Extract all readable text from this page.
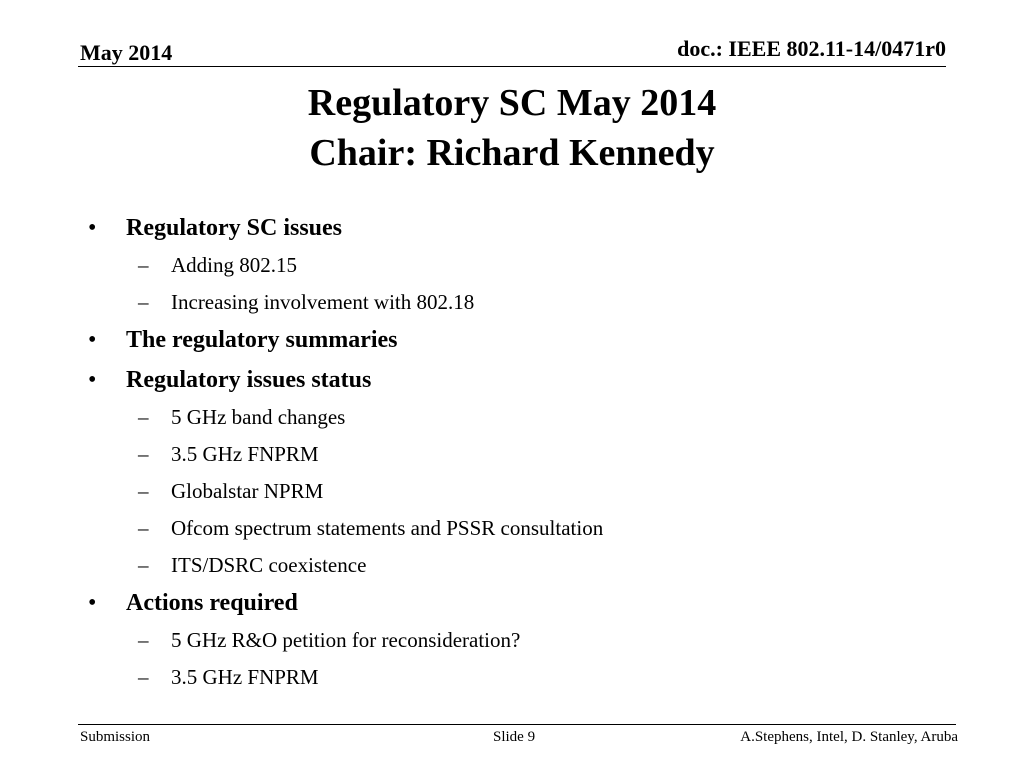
May 2014	doc.: IEEE 802.11-14/0471r0
Regulatory SC May 2014
Chair: Richard Kennedy
• Regulatory SC issues
– Adding 802.15
– Increasing involvement with 802.18
• The regulatory summaries
• Regulatory issues status
– 5 GHz band changes
– 3.5 GHz FNPRM
– Globalstar NPRM
– Ofcom spectrum statements and PSSR consultation
– ITS/DSRC coexistence
• Actions required
– 5 GHz R&O petition for reconsideration?
– 3.5 GHz FNPRM
Submission	Slide 9	A.Stephens, Intel, D. Stanley, Aruba
